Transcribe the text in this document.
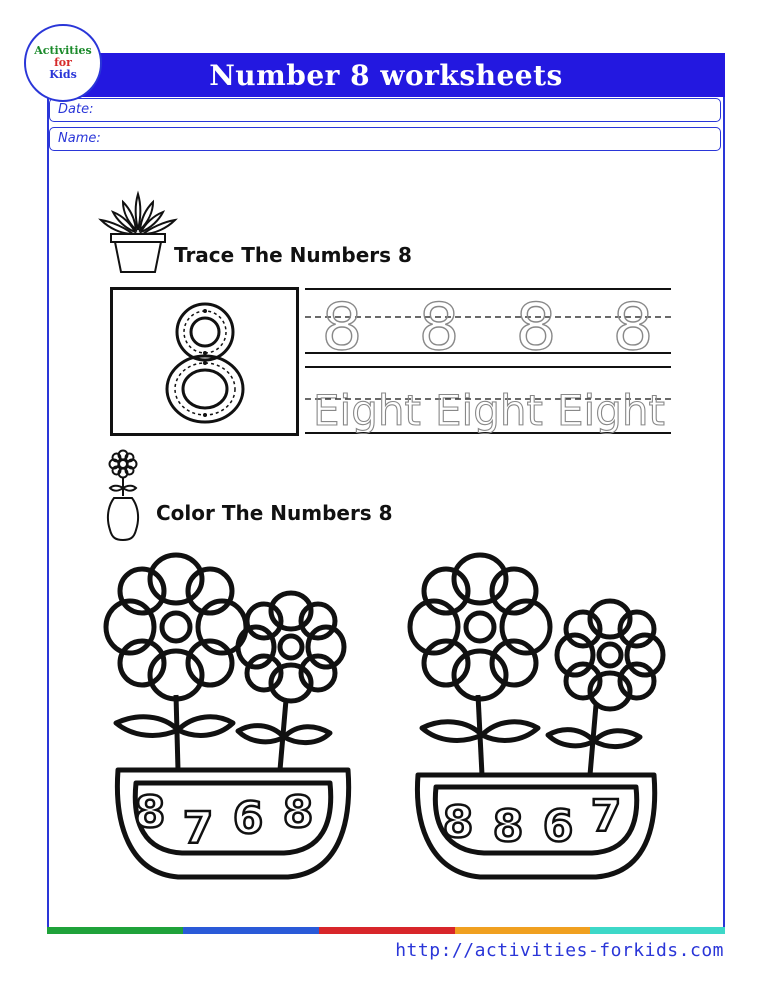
Activities
for
Kids	Number 8 worksheets
Date:
Name:
Trace The Numbers 8
8 8 8 8
Eight Eight Eight
Color The Numbers 8
8 7 6 8	8 8 6 7
http://activities-forkids.com
